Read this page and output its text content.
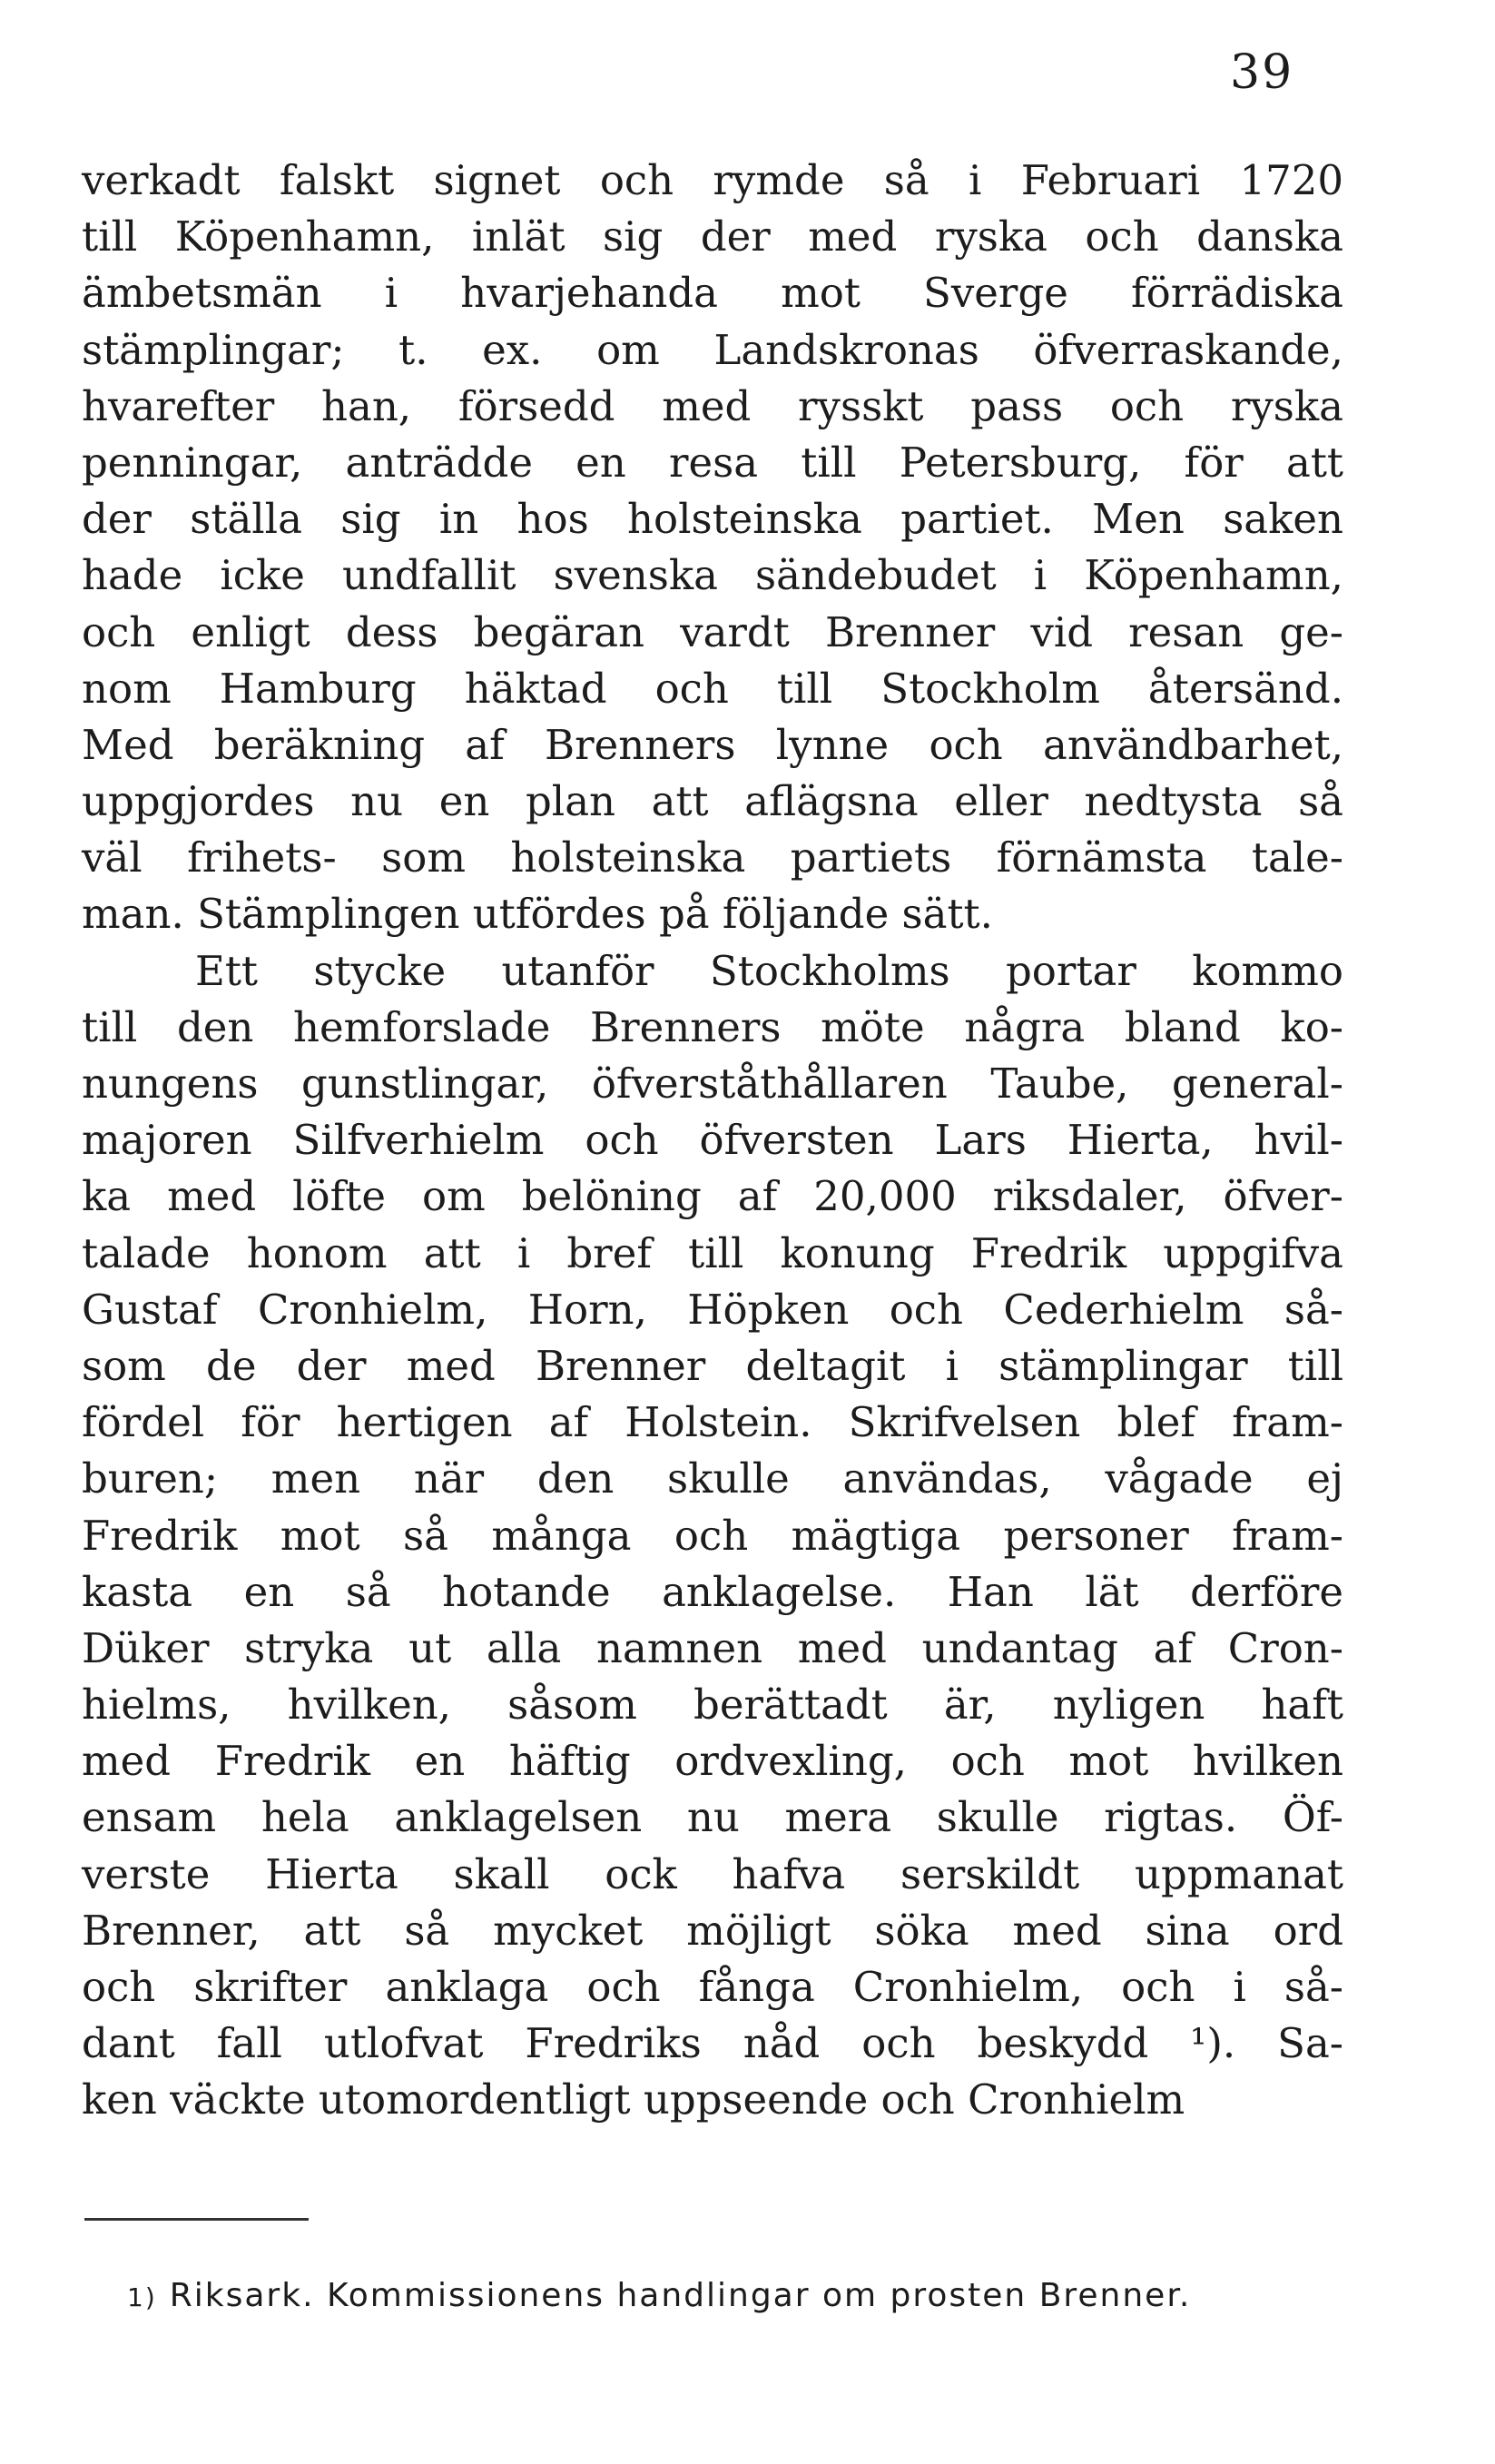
39
verkadt falskt signet och rymde så i Februari 1720
till Köpenhamn, inlät sig der med ryska och danska
ämbetsmän i hvarjehanda mot Sverge förrädiska
stämplingar; t. ex. om Landskronas öfverraskande,
hvarefter han, försedd med rysskt pass och ryska
penningar, anträdde en resa till Petersburg, för att
der ställa sig in hos holsteinska partiet. Men saken
hade icke undfallit svenska sändebudet i Köpenhamn,
och enligt dess begäran vardt Brenner vid resan ge-
nom Hamburg häktad och till Stockholm återsänd.
Med beräkning af Brenners lynne och användbarhet,
uppgjordes nu en plan att aflägsna eller nedtysta så
väl frihets- som holsteinska partiets förnämsta tale-
man. Stämplingen utfördes på följande sätt.
Ett stycke utanför Stockholms portar kommo
till den hemforslade Brenners möte några bland ko-
nungens gunstlingar, öfverståthållaren Taube, general-
majoren Silfverhielm och öfversten Lars Hierta, hvil-
ka med löfte om belöning af 20,000 riksdaler, öfver-
talade honom att i bref till konung Fredrik uppgifva
Gustaf Cronhielm, Horn, Höpken och Cederhielm så-
som de der med Brenner deltagit i stämplingar till
fördel för hertigen af Holstein. Skrifvelsen blef fram-
buren; men när den skulle användas, vågade ej
Fredrik mot så många och mägtiga personer fram-
kasta en så hotande anklagelse. Han lät derföre
Düker stryka ut alla namnen med undantag af Cron-
hielms, hvilken, såsom berättadt är, nyligen haft
med Fredrik en häftig ordvexling, och mot hvilken
ensam hela anklagelsen nu mera skulle rigtas. Öf-
verste Hierta skall ock hafva serskildt uppmanat
Brenner, att så mycket möjligt söka med sina ord
och skrifter anklaga och fånga Cronhielm, och i så-
dant fall utlofvat Fredriks nåd och beskydd ¹). Sa-
ken väckte utomordentligt uppseende och Cronhielm
1) Riksark. Kommissionens handlingar om prosten Brenner.
